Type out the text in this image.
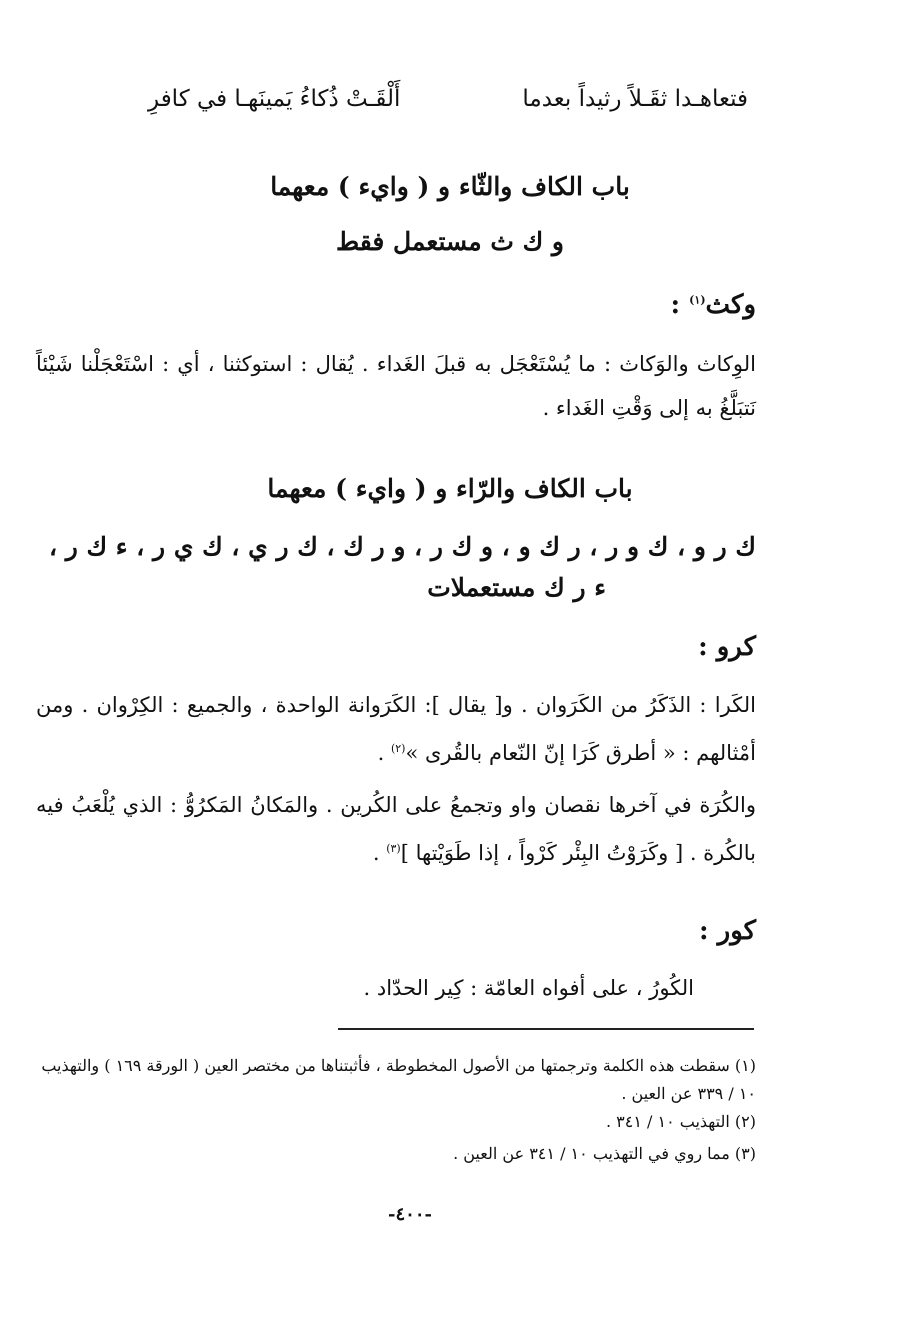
فتعاهـدا ثقَـلاً رثيداً بعدما
أَلْقَـتْ ذُكاءُ يَمينَهـا في كافرِ
باب الكاف والثّاء و ( وايء ) معهما
و ك ث مستعمل فقط
وكث$^{(١)}$ :
الوِكاث والوَكاث : ما يُسْتَعْجَل به قبلَ الغَداء . يُقال : استوكثنا ، أي : اسْتَعْجَلْنا شَيْئاً نَتبَلَّغُ به إلى وَقْتِ الغَداء .
باب الكاف والرّاء و ( وايء ) معهما
ك ر و ، ك و ر ، ر ك و ، و ك ر ، و ر ك ، ك ر ي ، ك ي ر ، ء ك ر ،
ء ر ك مستعملات
كرو :
الكَرا : الذَكَرُ من الكَرَوان . و[ يقال ]: الكَرَوانة الواحدة ، والجميع : الكِرْوان . ومن أمْثالهم : « أطرق كَرَا إنّ النّعام بالقُرى »$^{(٢)}$ .
والكُرَة في آخرها نقصان واو وتجمعُ على الكُرين . والمَكانُ المَكرُوُّ : الذي يُلْعَبُ فيه بالكُرة . [ وكَرَوْتُ البِئْر كَرْواً ، إذا طَوَيْتها ]$^{(٣)}$ .
كور :
الكُورُ ، على أفواه العامّة : كِير الحدّاد .
(١) سقطت هذه الكلمة وترجمتها من الأصول المخطوطة ، فأثبتناها من مختصر العين ( الورقة ١٦٩ ) والتهذيب ١٠ / ٣٣٩ عن العين .
(٢) التهذيب ١٠ / ٣٤١ .
(٣) مما روي في التهذيب ١٠ / ٣٤١ عن العين .
-٤٠٠-
